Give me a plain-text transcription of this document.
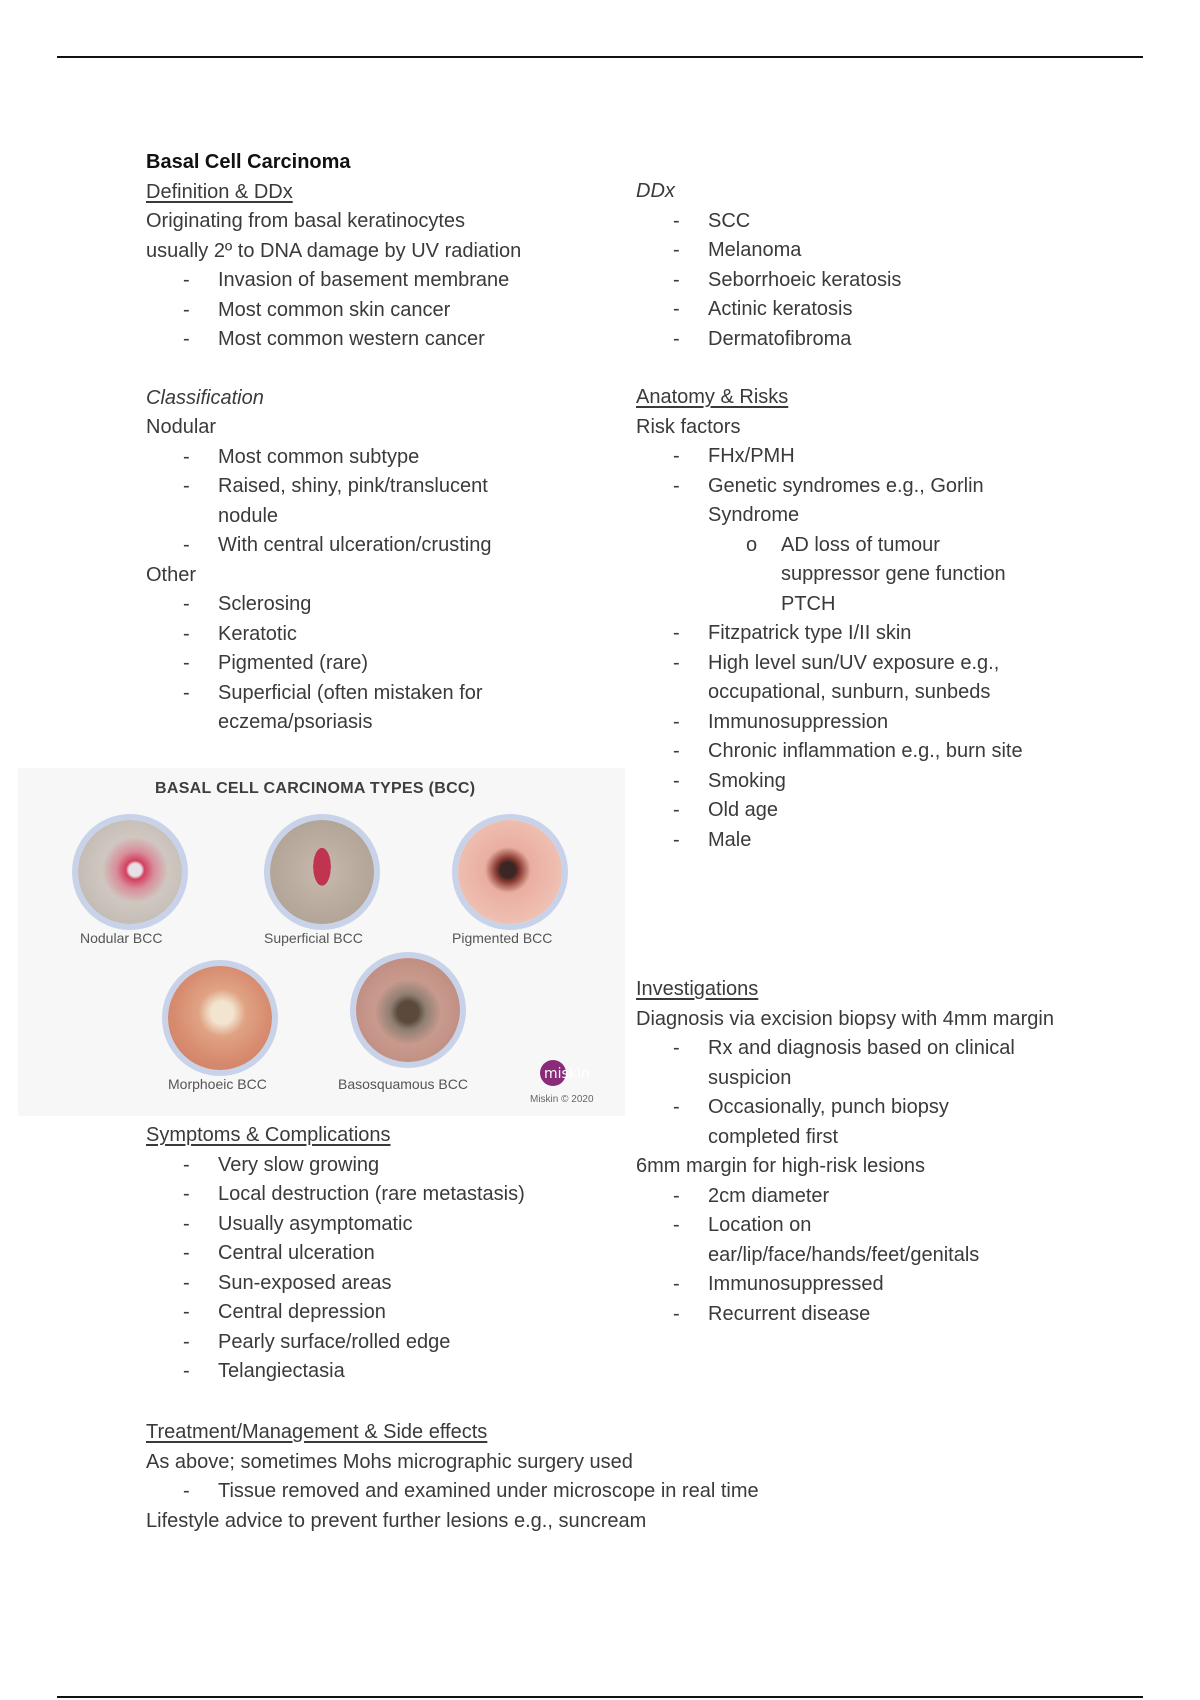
Basal Cell Carcinoma

Definition & DDx

Originating from basal keratinocytes

usually 2º to DNA damage by UV radiation

- Invasion of basement membrane
- Most common skin cancer
- Most common western cancer

Classification

Nodular

- Most common subtype
- Raised, shiny, pink/translucent nodule
- With central ulceration/crusting

Other

- Sclerosing
- Keratotic
- Pigmented (rare)
- Superficial (often mistaken for eczema/psoriasis

DDx

- SCC
- Melanoma
- Seborrhoeic keratosis
- Actinic keratosis
- Dermatofibroma

Anatomy & Risks

Risk factors

- FHx/PMH
- Genetic syndromes e.g., Gorlin Syndrome
o AD loss of tumour suppressor gene function PTCH
- Fitzpatrick type I/II skin
- High level sun/UV exposure e.g., occupational, sunburn, sunbeds
- Immunosuppression
- Chronic inflammation e.g., burn site
- Smoking
- Old age
- Male

Investigations

Diagnosis via excision biopsy with 4mm margin

- Rx and diagnosis based on clinical suspicion
- Occasionally, punch biopsy completed first

6mm margin for high-risk lesions

- 2cm diameter
- Location on ear/lip/face/hands/feet/genitals
- Immunosuppressed
- Recurrent disease
BASAL CELL CARCINOMA TYPES (BCC)
Nodular BCC	Superficial BCC	Pigmented BCC
Morphoeic BCC	Basosquamous BCC
miskin
Miskin © 2020

Symptoms & Complications

- Very slow growing
- Local destruction (rare metastasis)
- Usually asymptomatic
- Central ulceration
- Sun-exposed areas
- Central depression
- Pearly surface/rolled edge
- Telangiectasia

Treatment/Management & Side effects

As above; sometimes Mohs micrographic surgery used

- Tissue removed and examined under microscope in real time

Lifestyle advice to prevent further lesions e.g., suncream
